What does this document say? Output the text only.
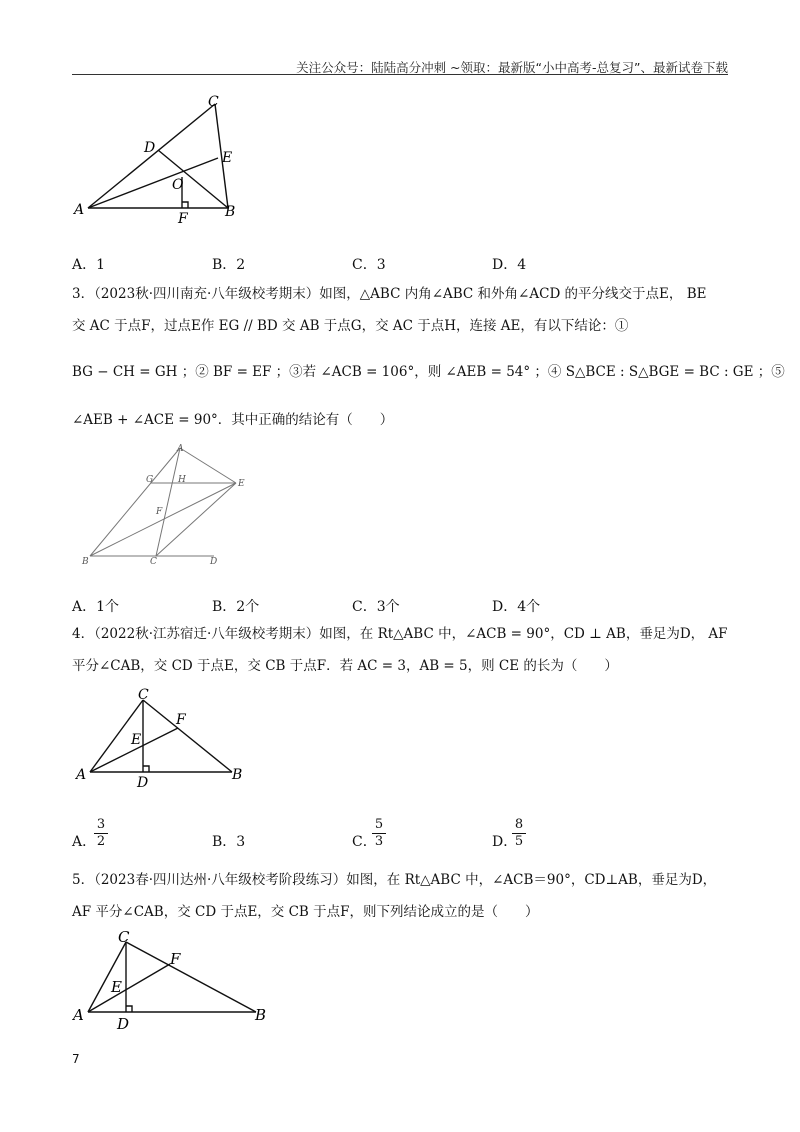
关注公众号：陆陆高分冲刺 ~领取：最新版“小中高考-总复习”、最新试卷下载
C
D
E
O
A
F	B
A．1	B．2	C．3	D．4
3．（2023秋·四川南充·八年级校考期末）如图，△ABC 内角∠ABC 和外角∠ACD 的平分线交于点E， BE
交 AC 于点F，过点E作 EG // BD 交 AB 于点G，交 AC 于点H，连接 AE，有以下结论：①
BG − CH = GH ；② BF = EF ；③若 ∠ACB = 106°，则 ∠AEB = 54° ；④ S△BCE : S△BGE = BC : GE ；⑤
∠AEB + ∠ACE = 90°．其中正确的结论有（　　）
A
G	H	E
F
B	C	D
A．1个	B．2个	C．3个	D．4个
4．（2022秋·江苏宿迁·八年级校考期末）如图，在 Rt△ABC 中，∠ACB = 90°，CD ⊥ AB，垂足为D， AF
平分∠CAB，交 CD 于点E，交 CB 于点F．若 AC = 3，AB = 5，则 CE 的长为（　　）
C
F
E
A	D	B
A．
$\frac{3}{2}$	B．3	C．
$\frac{5}{3}$	D．
$\frac{8}{5}$
5．（2023春·四川达州·八年级校考阶段练习）如图，在 Rt△ABC 中，∠ACB＝90°，CD⊥AB，垂足为D，
AF 平分∠CAB，交 CD 于点E，交 CB 于点F，则下列结论成立的是（　　）
C
F
E
A D	B
7
